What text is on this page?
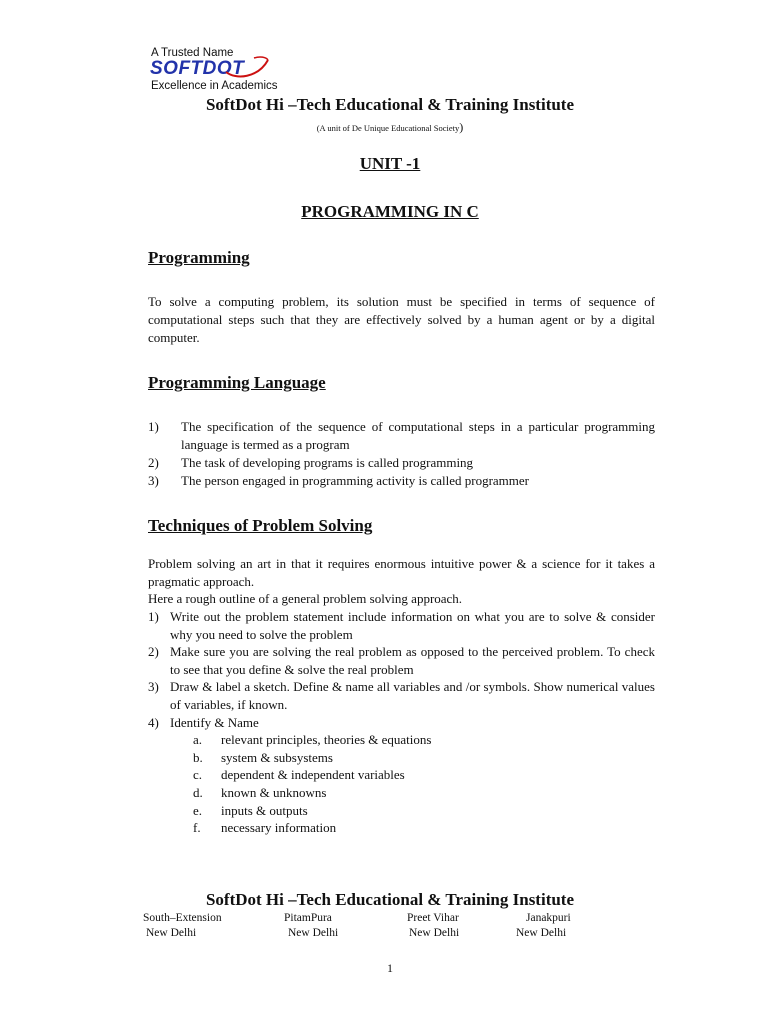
A Trusted Name
SOFTDOT
Excellence in Academics
SoftDot Hi –Tech Educational & Training Institute
(A unit of De Unique Educational Society)
UNIT -1
PROGRAMMING IN C
Programming
To solve a computing problem, its solution must be specified in terms of sequence of computational steps such that they are effectively solved by a human agent or by a digital computer.
Programming Language
1) The specification of the sequence of computational steps in a particular programming language is termed as a program
2) The task of developing programs is called programming
3) The person engaged in programming activity is called programmer
Techniques of Problem Solving
Problem solving an art in that it requires enormous intuitive power & a science for it takes a pragmatic approach.
Here a rough outline of a general problem solving approach.
1) Write out the problem statement include information on what you are to solve & consider why you need to solve the problem
2) Make sure you are solving the real problem as opposed to the perceived problem. To check to see that you define & solve the real problem
3) Draw & label a sketch. Define & name all variables and /or symbols. Show numerical values of variables, if known.
4) Identify & Name
a. relevant principles, theories & equations
b. system & subsystems
c. dependent & independent variables
d. known & unknowns
e. inputs & outputs
f. necessary information
SoftDot Hi –Tech Educational & Training Institute
South–Extension
New Delhi
PitamPura
New Delhi
Preet Vihar
New Delhi
Janakpuri
New Delhi
1
